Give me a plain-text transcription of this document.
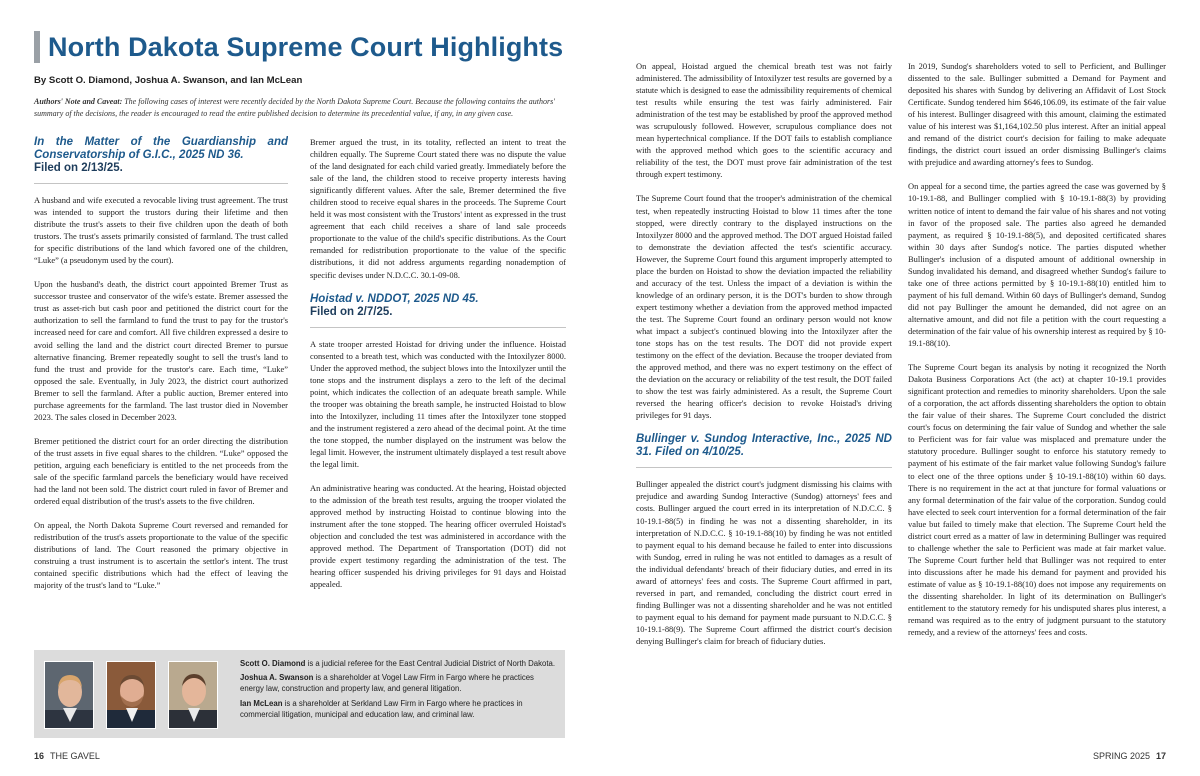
North Dakota Supreme Court Highlights
By Scott O. Diamond, Joshua A. Swanson, and Ian McLean
Authors' Note and Caveat: The following cases of interest were recently decided by the North Dakota Supreme Court. Because the following contains the authors' summary of the decisions, the reader is encouraged to read the entire published decision to determine its precedential value, if any, in any given case.
In the Matter of the Guardianship and Conservatorship of G.I.C., 2025 ND 36.
Filed on 2/13/25.

A husband and wife executed a revocable living trust agreement. The trust was intended to support the trustors during their lifetime and then distribute the trust's assets to their five children upon the death of both trustors. The trust's assets primarily consisted of farmland. The trust called for specific distributions of the land which favored one of the children, “Luke” (a pseudonym used by the court).

Upon the husband's death, the district court appointed Bremer Trust as successor trustee and conservator of the wife's estate. Bremer assessed the trust as asset-rich but cash poor and petitioned the district court for the authorization to sell the farmland to fund the trust to pay for the trustor's increased need for care and comfort. All five children expressed a desire to avoid selling the land and the district court directed Bremer to pursue alternative financing. Bremer repeatedly sought to sell the trust's land to fund the trust and provide for the trustor's care. Each time, “Luke” opposed the sale. Eventually, in July 2023, the district court authorized Bremer to sell the farmland. After a public auction, Bremer entered into purchase agreements for the farmland. The last trustor died in November 2023. The sales closed in December 2023.

Bremer petitioned the district court for an order directing the distribution of the trust assets in five equal shares to the children. “Luke” opposed the petition, arguing each beneficiary is entitled to the net proceeds from the sale of the specific farmland parcels the beneficiary would have received had the land not been sold. The district court ruled in favor of Bremer and ordered equal distribution of the trust's assets to the five children.

On appeal, the North Dakota Supreme Court reversed and remanded for redistribution of the trust's assets proportionate to the value of the specific distributions of land. The Court reasoned the primary objective in construing a trust instrument is to ascertain the settlor's intent. The trust contained specific distributions which had the effect of leaving the majority of the trust's land to “Luke.”

Bremer argued the trust, in its totality, reflected an intent to treat the children equally. The Supreme Court stated there was no dispute the value of the land designated for each child varied greatly. Immediately before the sale of the land, the children stood to receive property interests having significantly different values. After the sale, Bremer determined the five children stood to receive equal shares in the proceeds. The Supreme Court held it was most consistent with the Trustors' intent as expressed in the trust agreement that each child receives a share of land sale proceeds proportionate to the value of the child's specific distributions. As the Court remanded for redistribution proportionate to the value of the specific distributions, it did not address arguments regarding nonademption of specific devises under N.D.C.C. 30.1-09-08.

Hoistad v. NDDOT, 2025 ND 45.
Filed on 2/7/25.

A state trooper arrested Hoistad for driving under the influence. Hoistad consented to a breath test, which was conducted with the Intoxilyzer 8000. Under the approved method, the subject blows into the Intoxilyzer until the tone stops and the instrument displays a zero to the left of the decimal point, which indicates the collection of an adequate breath sample. While the trooper was obtaining the breath sample, he instructed Hoistad to blow into the Intoxilyzer, including 11 times after the Intoxilyzer tone stopped and the instrument registered a zero ahead of the decimal point. At the time the tone stopped, the number displayed on the instrument was below the legal limit. However, the instrument ultimately displayed a test result above the legal limit.

An administrative hearing was conducted. At the hearing, Hoistad objected to the admission of the breath test results, arguing the trooper violated the approved method by instructing Hoistad to continue blowing into the instrument after the tone stopped. The hearing officer overruled Hoistad's objection and concluded the test was administered in accordance with the approved method. The Department of Transportation (DOT) did not provide expert testimony regarding the administration of the test. The hearing officer suspended his driving privileges for 91 days and Hoistad appealed.

Scott O. Diamond is a judicial referee for the East Central Judicial District of North Dakota.

Joshua A. Swanson is a shareholder at Vogel Law Firm in Fargo where he practices energy law, construction and property law, and general litigation.

Ian McLean is a shareholder at Serkland Law Firm in Fargo where he practices in commercial litigation, municipal and education law, and criminal law.

16 THE GAVEL

On appeal, Hoistad argued the chemical breath test was not fairly administered. The admissibility of Intoxilyzer test results are governed by a statute which is designed to ease the admissibility requirements of chemical test results while ensuring the test was fairly administered. Fair administration of the test may be established by proof the approved method was scrupulously followed. However, scrupulous compliance does not mean hypertechnical compliance. If the DOT fails to establish compliance with the approved method which goes to the scientific accuracy and reliability of the test, the DOT must prove fair administration of the test through expert testimony.

The Supreme Court found that the trooper's administration of the chemical test, when repeatedly instructing Hoistad to blow 11 times after the tone stopped, were directly contrary to the displayed instructions on the Intoxilyzer 8000 and the approved method. The DOT argued Hoistad failed to demonstrate the deviation affected the test's scientific accuracy. However, the Supreme Court found this argument improperly attempted to place the burden on Hoistad to show the deviation impacted the reliability and accuracy of the test. Unless the impact of a deviation is within the knowledge of an ordinary person, it is the DOT's burden to show through expert testimony whether a deviation from the approved method impacted the test. The Supreme Court found an ordinary person would not know what impact a subject's continued blowing into the Intoxilyzer after the tone stops has on the test results. The DOT did not provide expert testimony on the effect of the deviation. Because the trooper deviated from the approved method, and there was no expert testimony on the effect of the deviation on the accuracy or reliability of the test result, the DOT failed to show the test was fairly administered. As a result, the Supreme Court reversed the hearing officer's decision to revoke Hoistad's driving privileges for 91 days.

Bullinger v. Sundog Interactive, Inc., 2025 ND 31. Filed on 4/10/25.

Bullinger appealed the district court's judgment dismissing his claims with prejudice and awarding Sundog Interactive (Sundog) attorneys' fees and costs. Bullinger argued the court erred in its interpretation of N.D.C.C. § 10-19.1-88(5) in finding he was not a dissenting shareholder, in its interpretation of N.D.C.C. § 10-19.1-88(10) by finding he was not entitled to payment equal to his demand because he failed to enter into discussions with Sundog, erred in ruling he was not entitled to damages as a result of the individual defendants' breach of their fiduciary duties, and erred in its award of attorneys' fees and costs. The Supreme Court affirmed in part, reversed in part, and remanded, concluding the district court erred in finding Bullinger was not a dissenting shareholder and he was not entitled to payment equal to his demand for payment made pursuant to N.D.C.C. § 10-19.1-88(9). The Supreme Court affirmed the district court's decision denying Bullinger's claim for breach of fiduciary duties.

In 2019, Sundog's shareholders voted to sell to Perficient, and Bullinger dissented to the sale. Bullinger submitted a Demand for Payment and deposited his shares with Sundog by delivering an Affidavit of Lost Stock Certificate. Sundog tendered him $646,106.09, its estimate of the fair value of his interest. Bullinger disagreed with this amount, claiming the estimated value of his interest was $1,164,102.50 plus interest. After an initial appeal and remand of the district court's decision for failing to make adequate findings, the district court issued an order dismissing Bullinger's claims with prejudice and awarding attorney's fees to Sundog.

On appeal for a second time, the parties agreed the case was governed by § 10-19.1-88, and Bullinger complied with § 10-19.1-88(3) by providing written notice of intent to demand the fair value of his shares and not voting in favor of the proposed sale. The parties also agreed he demanded payment, as required § 10-19.1-88(5), and deposited certificated shares within 30 days after Sundog's notice. The parties disputed whether Bullinger's inclusion of a disputed amount of additional ownership in Sundog invalidated his demand, and disagreed whether Sundog's failure to take one of three actions permitted by § 10-19.1-88(10) entitled him to payment of his full demand. Within 60 days of Bullinger's demand, Sundog did not pay Bullinger the amount he demanded, did not agree on an alternative amount, and did not file a petition with the court requesting a determination of the fair value of his ownership interest as required by § 10-19.1-88(10).

The Supreme Court began its analysis by noting it recognized the North Dakota Business Corporations Act (the act) at chapter 10-19.1 provides significant protection and remedies to minority shareholders. Upon the sale of a corporation, the act affords dissenting shareholders the option to obtain the fair value of their shares. The Supreme Court concluded the district court's focus on determining the fair value of Sundog and whether the sale to Perficient was for fair value was misplaced and premature under the statutory procedure. Bullinger sought to enforce his statutory remedy to payment of his estimate of the fair market value following Sundog's failure to elect one of the three options under § 10-19.1-88(10) within 60 days. There is no requirement in the act at that juncture for formal valuations or any formal determination of the fair value of the corporation. Sundog could have elected to seek court intervention for a formal determination of the fair value but failed to timely make that election. The Supreme Court held the district court erred as a matter of law in determining Bullinger was required to challenge whether the sale to Perficient was made at fair market value. The Supreme Court further held that Bullinger was not required to enter into discussions after he made his demand for payment and provided his estimate of value as § 10-19.1-88(10) does not impose any requirements on the dissenting shareholder. In light of its determination on Bullinger's entitlement to the statutory remedy for his undisputed shares plus interest, a remand was required as to the entry of judgment pursuant to the statutory remedy, and a review of the attorneys' fees and costs.

SPRING 2025 17
